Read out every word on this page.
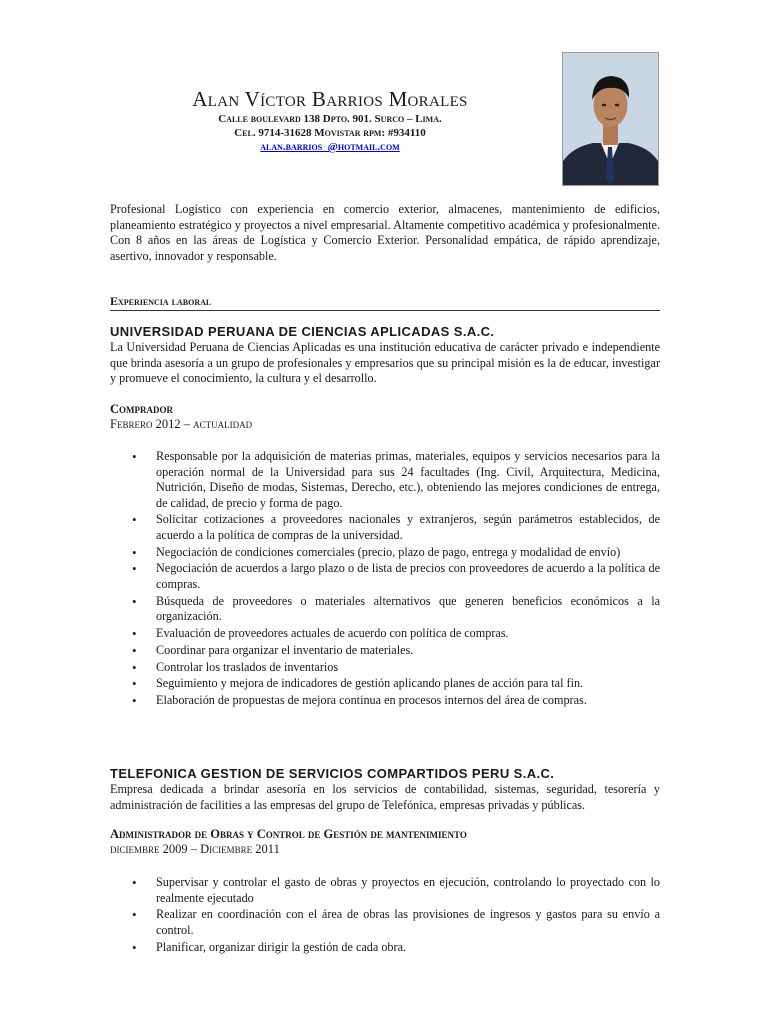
Alan Víctor Barrios Morales
Calle boulevard 138 Dpto. 901. Surco – Lima.
Cel. 9714-31628 Movistar rpm: #934110
alan.barrios_@hotmail.com
Profesional Logístico con experiencia en comercio exterior, almacenes, mantenimiento de edificios, planeamiento estratégico y proyectos a nivel empresarial. Altamente competitivo académica y profesionalmente. Con 8 años en las áreas de Logística y Comercio Exterior. Personalidad empática, de rápido aprendizaje, asertivo, innovador y responsable.
Experiencia laboral
UNIVERSIDAD PERUANA DE CIENCIAS APLICADAS S.A.C.
La Universidad Peruana de Ciencias Aplicadas es una institución educativa de carácter privado e independiente que brinda asesoría a un grupo de profesionales y empresarios que su principal misión es la de educar, investigar y promueve el conocimiento, la cultura y el desarrollo.
Comprador
Febrero 2012 – actualidad
• Responsable por la adquisición de materias primas, materiales, equipos y servicios necesarios para la operación normal de la Universidad para sus 24 facultades (Ing. Civil, Arquitectura, Medicina, Nutrición, Diseño de modas, Sistemas, Derecho, etc.), obteniendo las mejores condiciones de entrega, de calidad, de precio y forma de pago.
• Solicitar cotizaciones a proveedores nacionales y extranjeros, según parámetros establecidos, de acuerdo a la política de compras de la universidad.
• Negociación de condiciones comerciales (precio, plazo de pago, entrega y modalidad de envío)
• Negociación de acuerdos a largo plazo o de lista de precios con proveedores de acuerdo a la política de compras.
• Búsqueda de proveedores o materiales alternativos que generen beneficios económicos a la organización.
• Evaluación de proveedores actuales de acuerdo con política de compras.
• Coordinar para organizar el inventario de materiales.
• Controlar los traslados de inventarios
• Seguimiento y mejora de indicadores de gestión aplicando planes de acción para tal fin.
• Elaboración de propuestas de mejora continua en procesos internos del área de compras.
TELEFONICA GESTION DE SERVICIOS COMPARTIDOS PERU S.A.C.
Empresa dedicada a brindar asesoría en los servicios de contabilidad, sistemas, seguridad, tesorería y administración de facilities a las empresas del grupo de Telefónica, empresas privadas y públicas.
Administrador de Obras y Control de Gestión de mantenimiento
diciembre 2009 – Diciembre 2011
• Supervisar y controlar el gasto de obras y proyectos en ejecución, controlando lo proyectado con lo realmente ejecutado
• Realizar en coordinación con el área de obras las provisiones de ingresos y gastos para su envío a control.
• Planificar, organizar dirigir la gestión de cada obra.
